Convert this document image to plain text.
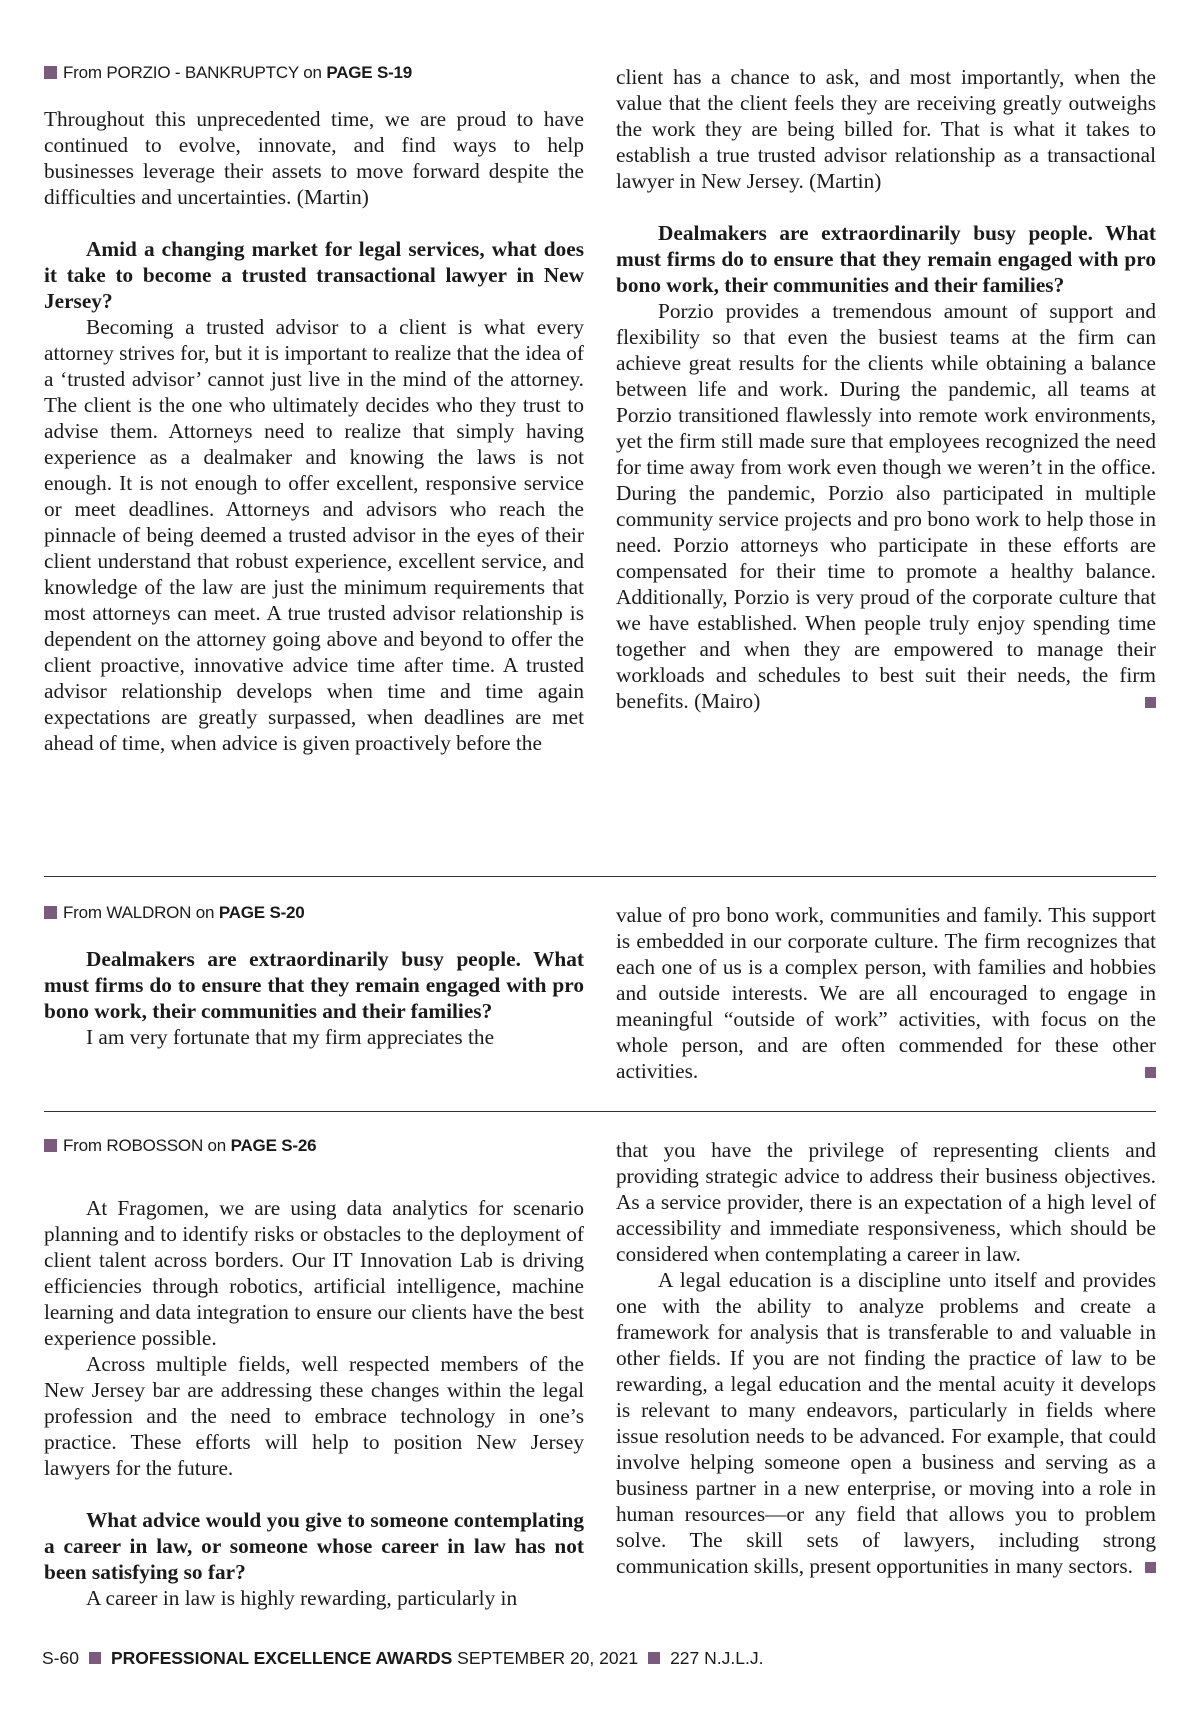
From PORZIO - BANKRUPTCY on PAGE S-19

Throughout this unprecedented time, we are proud to have continued to evolve, innovate, and find ways to help businesses leverage their assets to move forward despite the difficulties and uncertainties. (Martin)

Amid a changing market for legal services, what does it take to become a trusted transactional lawyer in New Jersey?

Becoming a trusted advisor to a client is what every attorney strives for, but it is important to realize that the idea of a ‘trusted advisor’ cannot just live in the mind of the attorney. The client is the one who ultimately decides who they trust to advise them. Attorneys need to realize that simply having experience as a dealmaker and knowing the laws is not enough. It is not enough to offer excellent, responsive service or meet deadlines. Attorneys and advisors who reach the pinnacle of being deemed a trusted advisor in the eyes of their client understand that robust experience, excellent service, and knowledge of the law are just the minimum requirements that most attorneys can meet. A true trusted advisor relationship is dependent on the attorney going above and beyond to offer the client proactive, innovative advice time after time. A trusted advisor relationship develops when time and time again expectations are greatly surpassed, when deadlines are met ahead of time, when advice is given proactively before the

client has a chance to ask, and most importantly, when the value that the client feels they are receiving greatly outweighs the work they are being billed for. That is what it takes to establish a true trusted advisor relationship as a transactional lawyer in New Jersey. (Martin)

Dealmakers are extraordinarily busy people. What must firms do to ensure that they remain engaged with pro bono work, their communities and their families?

Porzio provides a tremendous amount of support and flexibility so that even the busiest teams at the firm can achieve great results for the clients while obtaining a balance between life and work. During the pandemic, all teams at Porzio transitioned flawlessly into remote work environments, yet the firm still made sure that employees recognized the need for time away from work even though we weren’t in the office. During the pandemic, Porzio also participated in multiple community service projects and pro bono work to help those in need. Porzio attorneys who participate in these efforts are compensated for their time to promote a healthy balance. Additionally, Porzio is very proud of the corporate culture that we have established. When people truly enjoy spending time together and when they are empowered to manage their workloads and schedules to best suit their needs, the firm benefits. (Mairo)

From WALDRON on PAGE S-20

Dealmakers are extraordinarily busy people. What must firms do to ensure that they remain engaged with pro bono work, their communities and their families?

I am very fortunate that my firm appreciates the

value of pro bono work, communities and family. This support is embedded in our corporate culture. The firm recognizes that each one of us is a complex person, with families and hobbies and outside interests. We are all encouraged to engage in meaningful “outside of work” activities, with focus on the whole person, and are often commended for these other activities.

From ROBOSSON on PAGE S-26

At Fragomen, we are using data analytics for scenario planning and to identify risks or obstacles to the deployment of client talent across borders. Our IT Innovation Lab is driving efficiencies through robotics, artificial intelligence, machine learning and data integration to ensure our clients have the best experience possible.

Across multiple fields, well respected members of the New Jersey bar are addressing these changes within the legal profession and the need to embrace technology in one’s practice. These efforts will help to position New Jersey lawyers for the future.

What advice would you give to someone contemplating a career in law, or someone whose career in law has not been satisfying so far?

A career in law is highly rewarding, particularly in

that you have the privilege of representing clients and providing strategic advice to address their business objectives. As a service provider, there is an expectation of a high level of accessibility and immediate responsiveness, which should be considered when contemplating a career in law.

A legal education is a discipline unto itself and provides one with the ability to analyze problems and create a framework for analysis that is transferable to and valuable in other fields. If you are not finding the practice of law to be rewarding, a legal education and the mental acuity it develops is relevant to many endeavors, particularly in fields where issue resolution needs to be advanced. For example, that could involve helping someone open a business and serving as a business partner in a new enterprise, or moving into a role in human resources—or any field that allows you to problem solve. The skill sets of lawyers, including strong communication skills, present opportunities in many sectors.

S-60 PROFESSIONAL EXCELLENCE AWARDS SEPTEMBER 20, 2021 227 N.J.L.J.
